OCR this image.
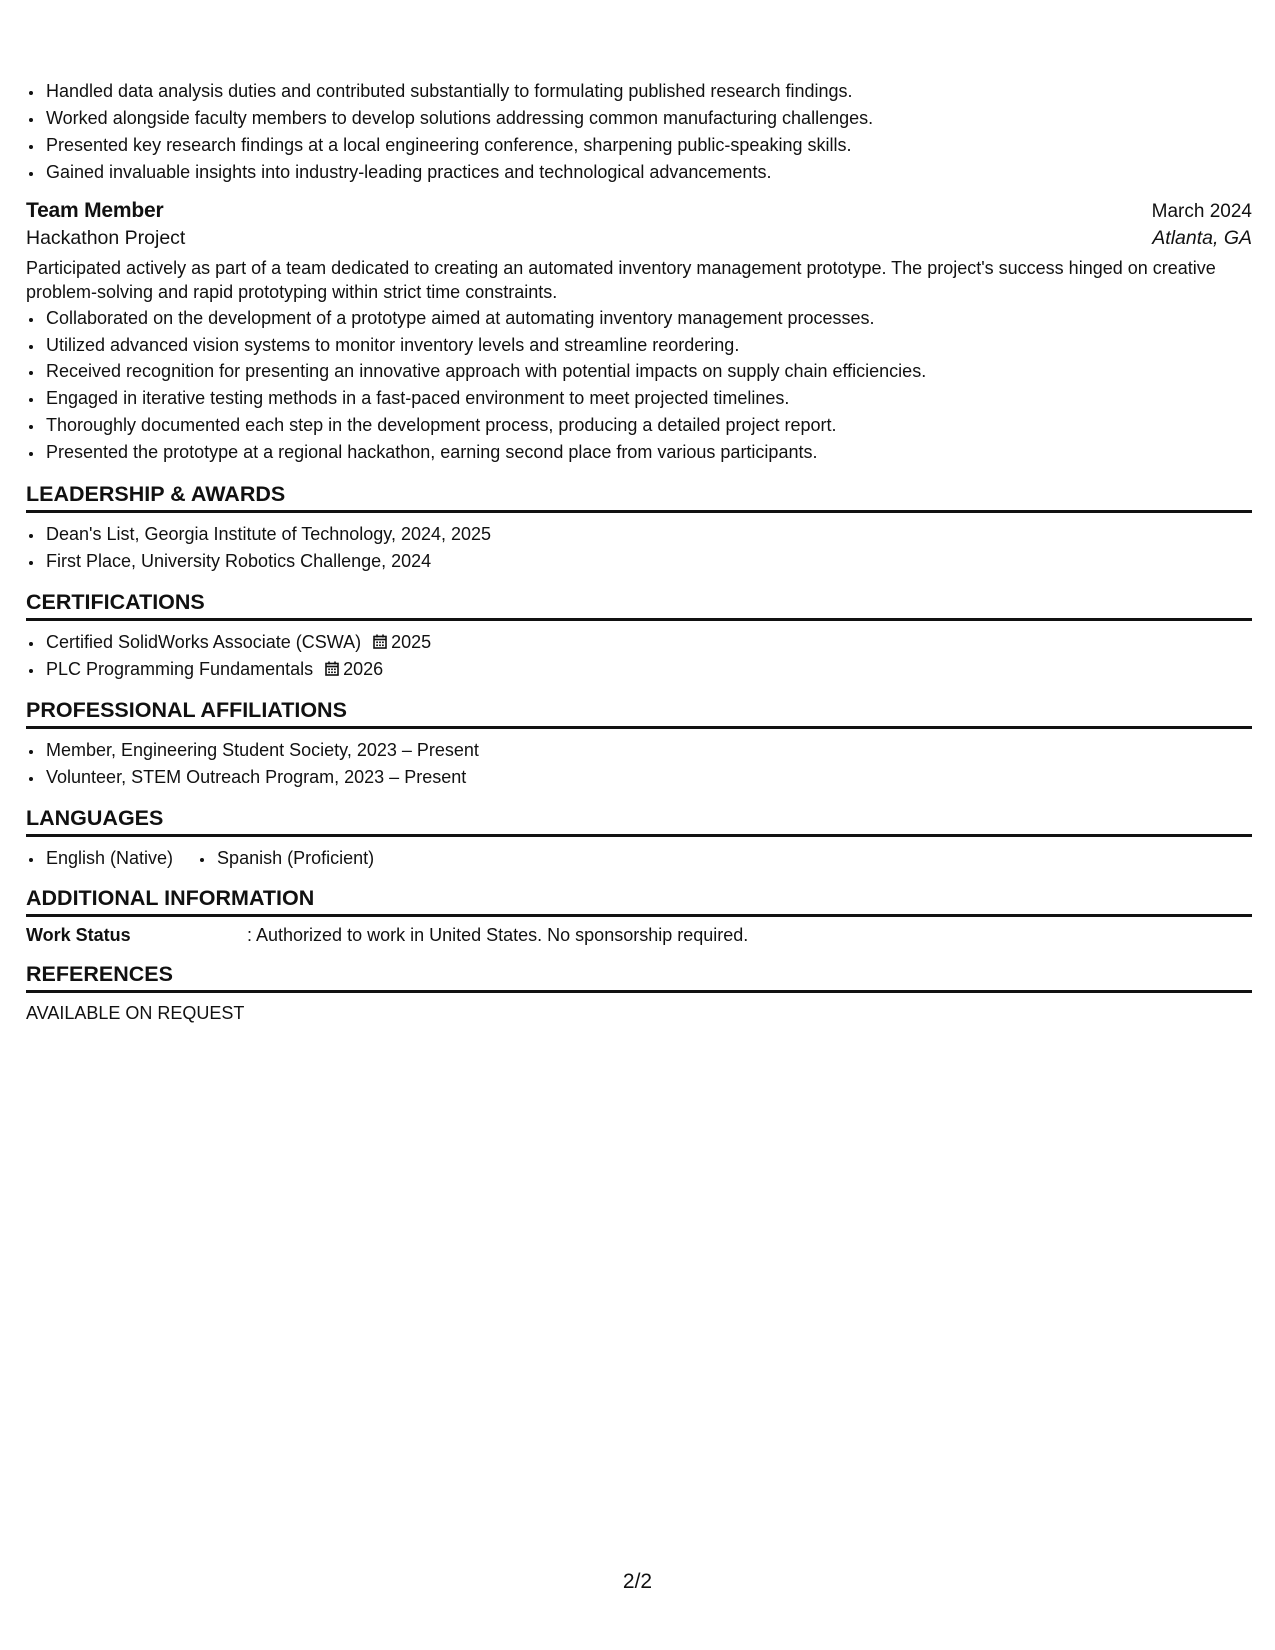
• Handled data analysis duties and contributed substantially to formulating published research findings.
• Worked alongside faculty members to develop solutions addressing common manufacturing challenges.
• Presented key research findings at a local engineering conference, sharpening public-speaking skills.
• Gained invaluable insights into industry-leading practices and technological advancements.
Team Member	March 2024
Hackathon Project	Atlanta, GA
Participated actively as part of a team dedicated to creating an automated inventory management prototype. The project's success hinged on creative problem-solving and rapid prototyping within strict time constraints.
• Collaborated on the development of a prototype aimed at automating inventory management processes.
• Utilized advanced vision systems to monitor inventory levels and streamline reordering.
• Received recognition for presenting an innovative approach with potential impacts on supply chain efficiencies.
• Engaged in iterative testing methods in a fast-paced environment to meet projected timelines.
• Thoroughly documented each step in the development process, producing a detailed project report.
• Presented the prototype at a regional hackathon, earning second place from various participants.
LEADERSHIP & AWARDS
• Dean's List, Georgia Institute of Technology, 2024, 2025
• First Place, University Robotics Challenge, 2024
CERTIFICATIONS
• Certified SolidWorks Associate (CSWA) 2025
• PLC Programming Fundamentals 2026
PROFESSIONAL AFFILIATIONS
• Member, Engineering Student Society, 2023 – Present
• Volunteer, STEM Outreach Program, 2023 – Present
LANGUAGES
• English (Native)
• Spanish (Proficient)
ADDITIONAL INFORMATION
Work Status	: Authorized to work in United States. No sponsorship required.
REFERENCES
AVAILABLE ON REQUEST
2/2
